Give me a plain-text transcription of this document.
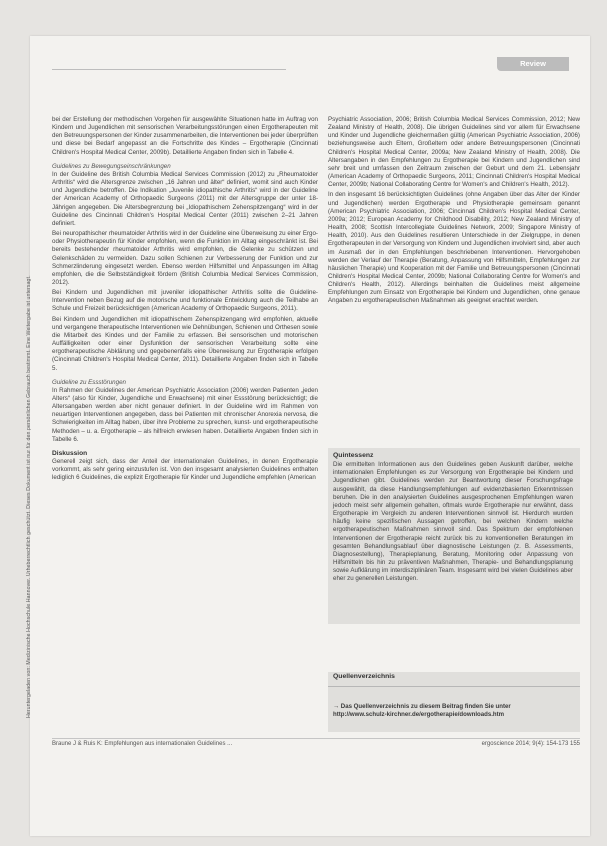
Review
Heruntergeladen von: Medizinische Hochschule Hannover. Urheberrechtlich geschützt. Dieses Dokument ist nur für den persönlichen Gebrauch bestimmt. Eine Weitergabe ist untersagt.

bei der Erstellung der methodischen Vorgehen für ausgewählte Situationen hatte im Auftrag von Kindern und Jugendlichen mit sensorischen Verarbeitungsstörungen einen Ergotherapeuten mit den Betreuungspersonen der Kinder zusammenarbeiten, die Interventionen bei jeder überprüften und diese bei Bedarf angepasst an die Fortschritte des Kindes – Ergotherapie (Cincinnati Children's Hospital Medical Center, 2009b). Detaillierte Angaben finden sich in Tabelle 4.

Guidelines zu Bewegungseinschränkungen

In der Guideline des British Columbia Medical Services Commission (2012) zu „Rheumatoider Arthritis“ wird die Altersgrenze zwischen „16 Jahren und älter“ definiert, womit sind auch Kinder und Jugendliche betroffen. Die Indikation „Juvenile idiopathische Arthritis“ wird in der Guideline der American Academy of Orthopaedic Surgeons (2011) mit der Altersgruppe der unter 18-Jährigen angegeben. Die Altersbegrenzung bei „Idiopathischem Zehenspitzengang“ wird in der Guideline des Cincinnati Children's Hospital Medical Center (2011) zwischen 2–21 Jahren definiert.

Bei neuropathischer rheumatoider Arthritis wird in der Guideline eine Überweisung zu einer Ergo- oder Physiotherapeutin für Kinder empfohlen, wenn die Funktion im Alltag eingeschränkt ist. Bei bereits bestehender rheumatoider Arthritis wird empfohlen, die Gelenke zu schützen und Gelenkschäden zu vermeiden. Dazu sollen Schienen zur Verbesserung der Funktion und zur Schmerzlinderung eingesetzt werden. Ebenso werden Hilfsmittel und Anpassungen im Alltag empfohlen, die die Selbstständigkeit fördern (British Columbia Medical Services Commission, 2012).

Bei Kindern und Jugendlichen mit juveniler idiopathischer Arthritis sollte die Guideline-Intervention neben Bezug auf die motorische und funktionale Entwicklung auch die Teilhabe an Schule und Freizeit berücksichtigen (American Academy of Orthopaedic Surgeons, 2011).

Bei Kindern und Jugendlichen mit idiopathischem Zehenspitzengang wird empfohlen, aktuelle und vergangene therapeutische Interventionen wie Dehnübungen, Schienen und Orthesen sowie die Mitarbeit des Kindes und der Familie zu erfassen. Bei sensorischen und motorischen Auffälligkeiten oder einer Dysfunktion der sensorischen Verarbeitung sollte eine ergotherapeutische Abklärung und gegebenenfalls eine Überweisung zur Ergotherapie erfolgen (Cincinnati Children's Hospital Medical Center, 2011). Detaillierte Angaben finden sich in Tabelle 5.

Guideline zu Essstörungen

In Rahmen der Guidelines der American Psychiatric Association (2006) werden Patienten „jeden Alters“ (also für Kinder, Jugendliche und Erwachsene) mit einer Essstörung berücksichtigt; die Altersangaben werden aber nicht genauer definiert. In der Guideline wird im Rahmen von neuartigen Interventionen angegeben, dass bei Patienten mit chronischer Anorexia nervosa, die Schwierigkeiten im Alltag haben, über ihre Probleme zu sprechen, kunst- und ergotherapeutische Methoden – u. a. Ergotherapie – als hilfreich erwiesen haben. Detaillierte Angaben finden sich in Tabelle 6.

Diskussion

Generell zeigt sich, dass der Anteil der internationalen Guidelines, in denen Ergotherapie vorkommt, als sehr gering einzustufen ist. Von den insgesamt analysierten Guidelines enthalten lediglich 6 Guidelines, die explizit Ergotherapie für Kinder und Jugendliche empfehlen (American

Psychiatric Association, 2006; British Columbia Medical Services Commission, 2012; New Zealand Ministry of Health, 2008). Die übrigen Guidelines sind vor allem für Erwachsene und Kinder und Jugendliche gleichermaßen gültig (American Psychiatric Association, 2006) beziehungsweise auch Eltern, Großeltern oder andere Betreuungspersonen (Cincinnati Children's Hospital Medical Center, 2009a; New Zealand Ministry of Health, 2008). Die Altersangaben in den Empfehlungen zu Ergotherapie bei Kindern und Jugendlichen sind sehr breit und umfassen den Zeitraum zwischen der Geburt und dem 21. Lebensjahr (American Academy of Orthopaedic Surgeons, 2011; Cincinnati Children's Hospital Medical Center, 2009b; National Collaborating Centre for Women's and Children's Health, 2012).

In den insgesamt 16 berücksichtigten Guidelines (ohne Angaben über das Alter der Kinder und Jugendlichen) werden Ergotherapie und Physiotherapie gemeinsam genannt (American Psychiatric Association, 2006; Cincinnati Children's Hospital Medical Center, 2009a; 2012; European Academy for Childhood Disability, 2012; New Zealand Ministry of Health, 2008; Scottish Intercollegiate Guidelines Network, 2009; Singapore Ministry of Health, 2010). Aus den Guidelines resultieren Unterschiede in der Zielgruppe, in denen Ergotherapeuten in der Versorgung von Kindern und Jugendlichen involviert sind, aber auch im Ausmaß der in den Empfehlungen beschriebenen Interventionen. Hervorgehoben werden der Verlauf der Therapie (Beratung, Anpassung von Hilfsmitteln, Empfehlungen zur häuslichen Therapie) und Kooperation mit der Familie und Betreuungspersonen (Cincinnati Children's Hospital Medical Center, 2009b; National Collaborating Centre for Women's and Children's Health, 2012). Allerdings beinhalten die Guidelines meist allgemeine Empfehlungen zum Einsatz von Ergotherapie bei Kindern und Jugendlichen, ohne genaue Angaben zu ergotherapeutischen Maßnahmen als geeignet erachtet werden.

Quintessenz
Die ermittelten Informationen aus den Guidelines geben Auskunft darüber, welche internationalen Empfehlungen es zur Versorgung von Ergotherapie bei Kindern und Jugendlichen gibt. Guidelines werden zur Beantwortung dieser Forschungsfrage ausgewählt, da diese Handlungsempfehlungen auf evidenzbasierten Erkenntnissen beruhen. Die in den analysierten Guidelines ausgesprochenen Empfehlungen waren jedoch meist sehr allgemein gehalten, oftmals wurde Ergotherapie nur erwähnt, dass Ergotherapie im Vergleich zu anderen Interventionen sinnvoll ist. Hierdurch wurden häufig keine spezifischen Aussagen getroffen, bei welchen Kindern welche ergotherapeutischen Maßnahmen sinnvoll sind. Das Spektrum der empfohlenen Interventionen der Ergotherapie reicht zurück bis zu konventionellen Beratungen im gesamten Behandlungsablauf über diagnostische Leistungen (z. B. Assessments, Diagnosestellung), Therapieplanung, Beratung, Monitoring oder Anpassung von Hilfsmitteln bis hin zu präventiven Maßnahmen, Therapie- und Behandlungsplanung sowie Aufklärung im interdisziplinären Team. Insgesamt wird bei vielen Guidelines aber eher zu generellen Leistungen.
Quellenverzeichnis
→ Das Quellenverzeichnis zu diesem Beitrag finden Sie unter
http://www.schulz-kirchner.de/ergotherapie/downloads.htm
Braune J & Ruis K: Empfehlungen aus internationalen Guidelines ...	ergoscience 2014; 9(4): 154-173 155
